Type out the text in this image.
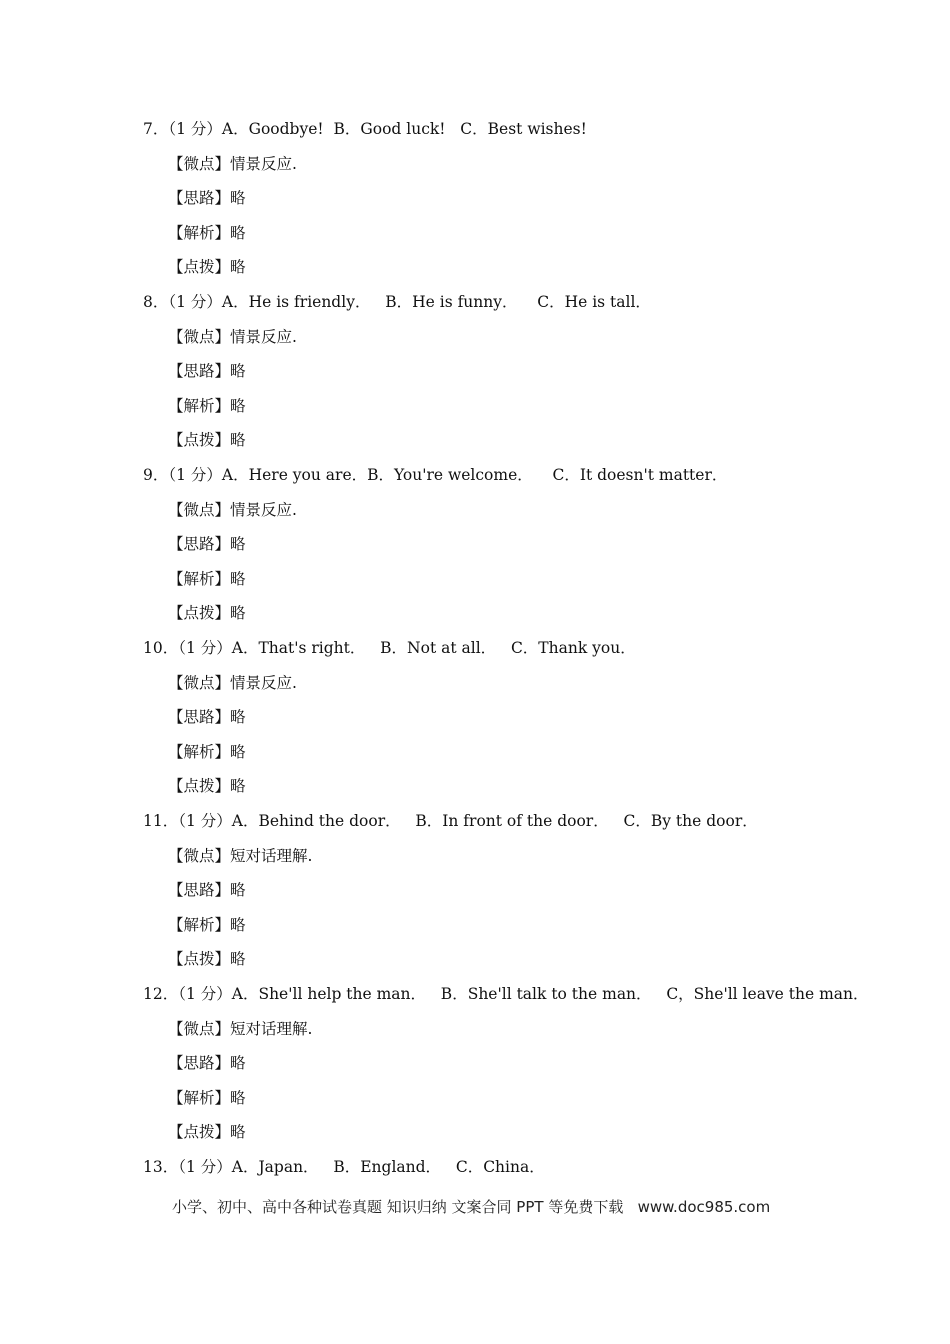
7．（1 分）A．Goodbye!  B．Good luck!   C．Best wishes!
【微点】情景反应.
【思路】略
【解析】略
【点拨】略
8．（1 分）A．He is friendly．   B．He is funny．    C．He is tall．
【微点】情景反应.
【思路】略
【解析】略
【点拨】略
9．（1 分）A．Here you are．B．You're welcome．    C．It doesn't matter．
【微点】情景反应.
【思路】略
【解析】略
【点拨】略
10．（1 分）A．That's right．   B．Not at all．   C．Thank you．
【微点】情景反应.
【思路】略
【解析】略
【点拨】略
11．（1 分）A．Behind the door．   B．In front of the door．   C．By the door．
【微点】短对话理解.
【思路】略
【解析】略
【点拨】略
12．（1 分）A．She'll help the man．   B．She'll talk to the man．   C，She'll leave the man．
【微点】短对话理解.
【思路】略
【解析】略
【点拨】略
13．（1 分）A．Japan．   B．England．   C．China．
小学、初中、高中各种试卷真题 知识归纳 文案合同 PPT 等免费下载   www.doc985.com
